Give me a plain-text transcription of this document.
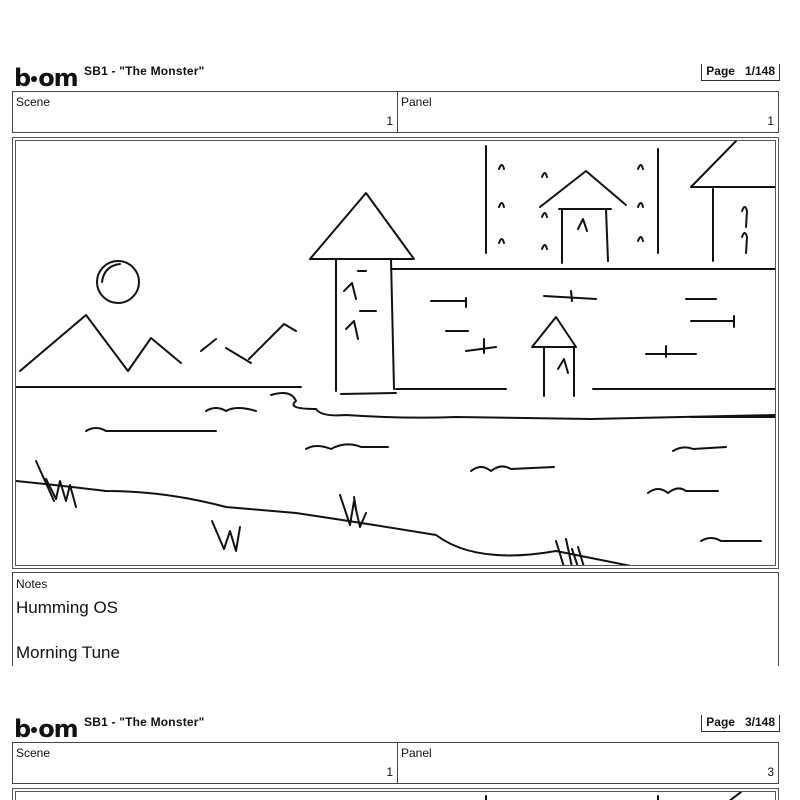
b om SB1 - "The Monster"	Page 1/148
Scene
1
Panel
1
Notes
Humming OS
Morning Tune
b om SB1 - "The Monster"	Page 3/148
Scene
1
Panel
3
